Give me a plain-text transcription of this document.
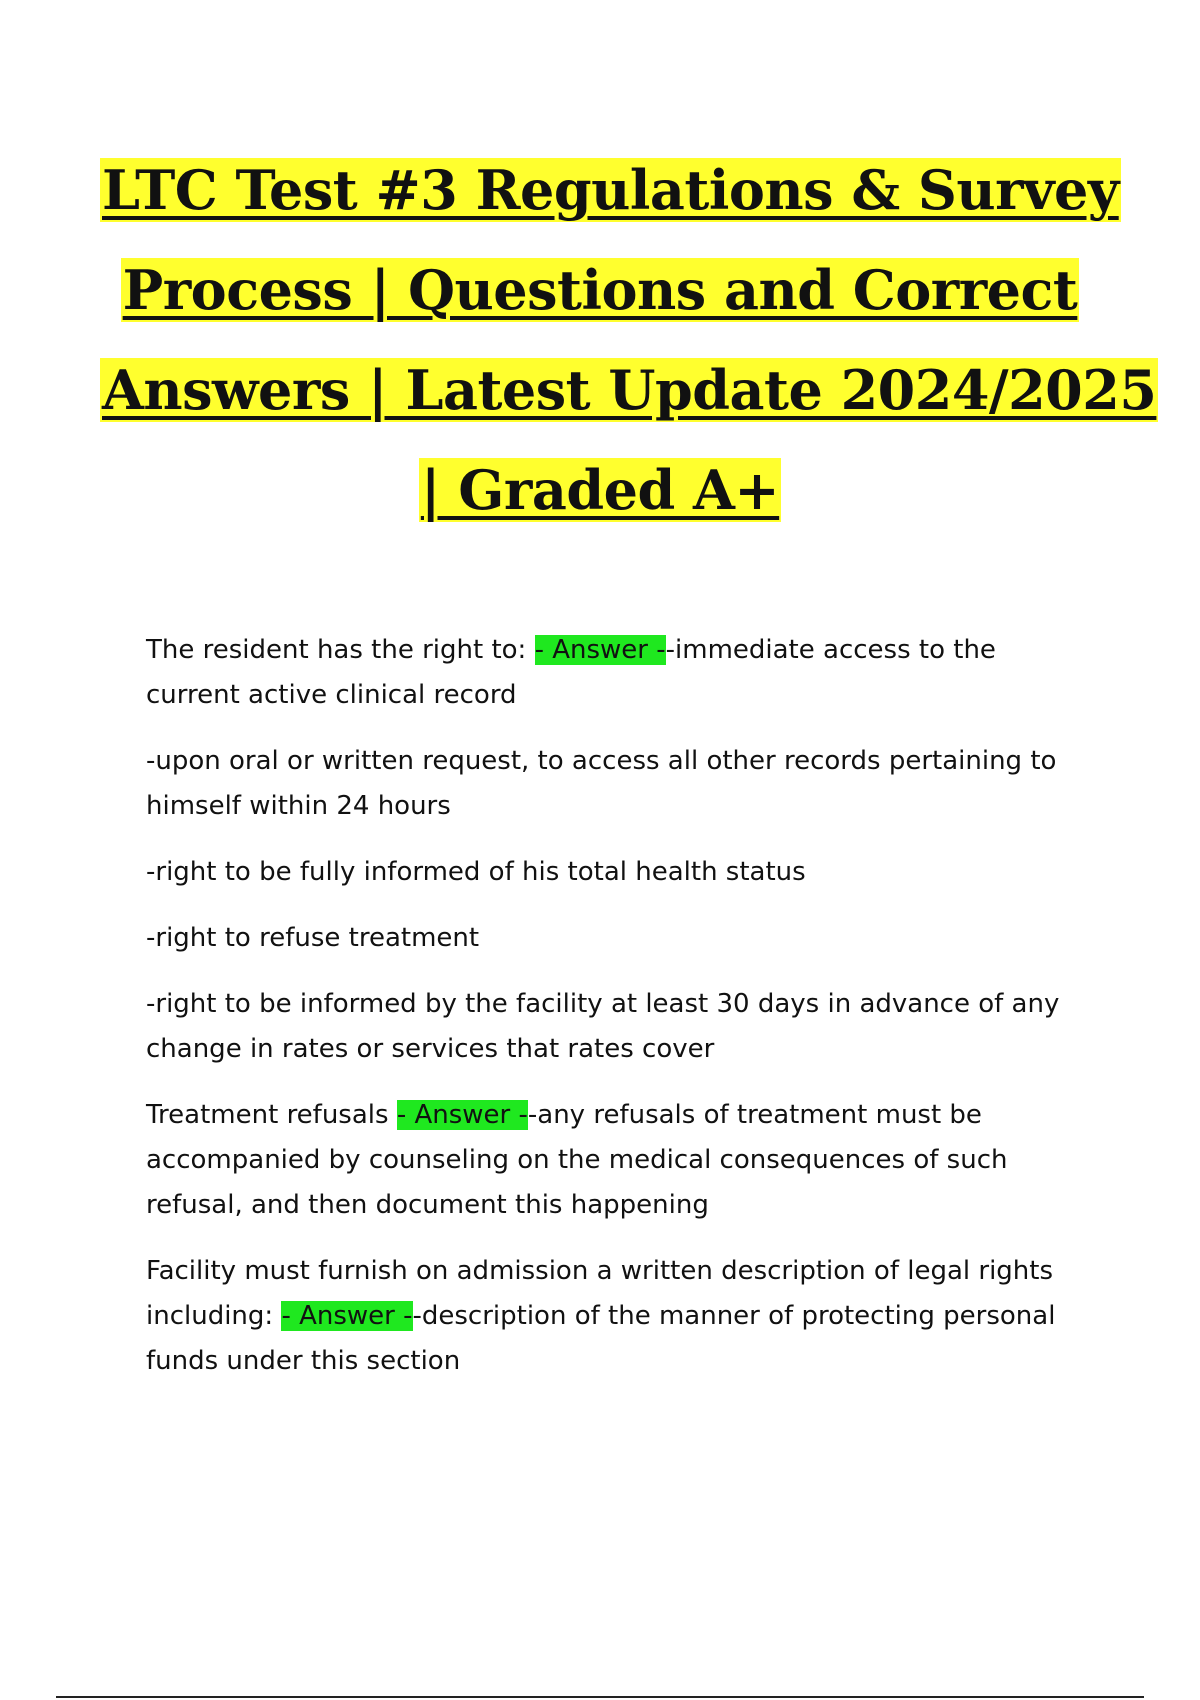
LTC Test #3 Regulations & Survey

Process | Questions and Correct

Answers | Latest Update 2024/2025

| Graded A+

The resident has the right to: - Answer --immediate access to the current active clinical record

-upon oral or written request, to access all other records pertaining to himself within 24 hours

-right to be fully informed of his total health status

-right to refuse treatment

-right to be informed by the facility at least 30 days in advance of any change in rates or services that rates cover

Treatment refusals - Answer --any refusals of treatment must be accompanied by counseling on the medical consequences of such refusal, and then document this happening

Facility must furnish on admission a written description of legal rights including: - Answer --description of the manner of protecting personal funds under this section
